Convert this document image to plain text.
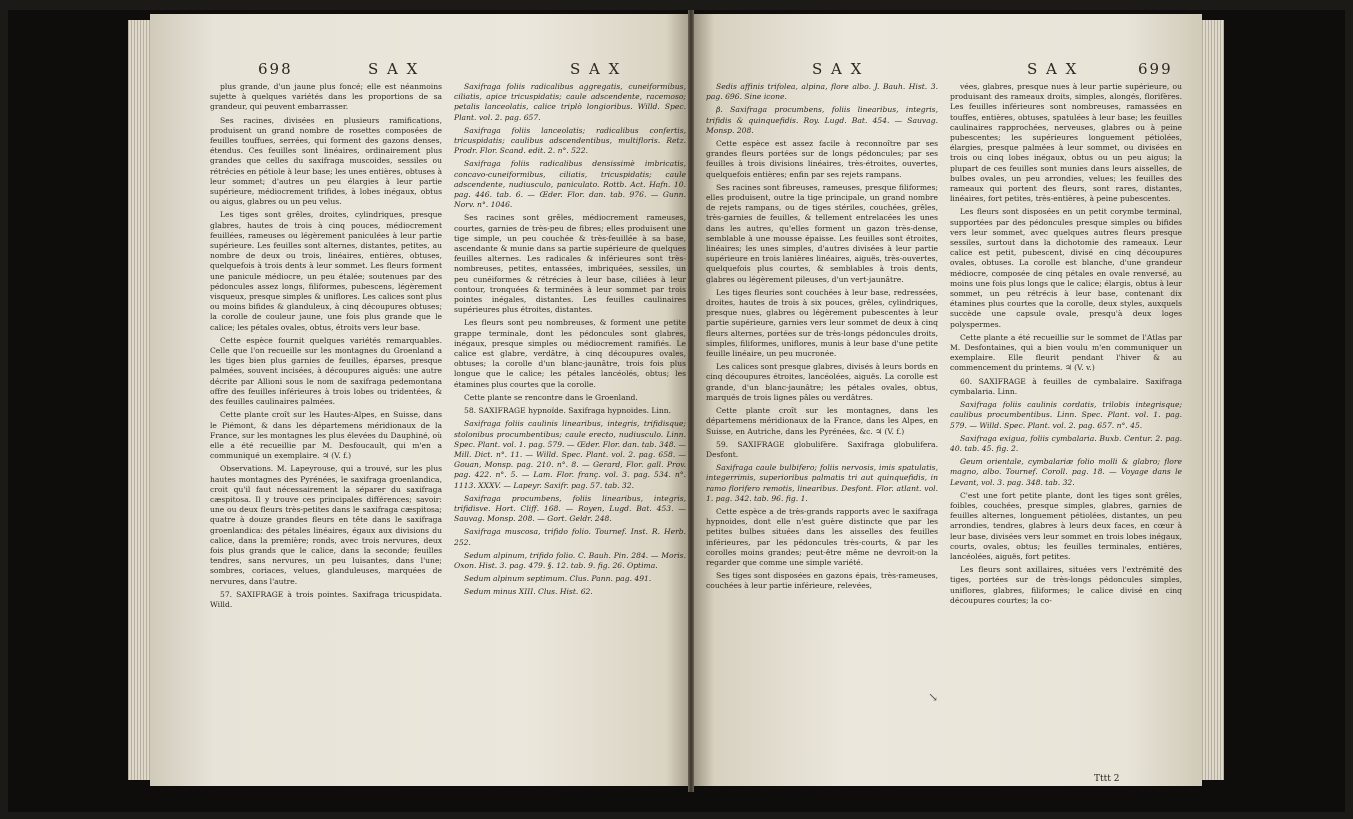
698	S A X	S A X

plus grande, d'un jaune plus foncé; elle est néanmoins sujette à quelques variétés dans les proportions de sa grandeur, qui peuvent embarrasser.

Ses racines, divisées en plusieurs ramifications, produisent un grand nombre de rosettes composées de feuilles touffues, serrées, qui forment des gazons denses, étendus. Ces feuilles sont linéaires, ordinairement plus grandes que celles du saxifraga muscoides, sessiles ou rétrécies en pétiole à leur base; les unes entières, obtuses à leur sommet; d'autres un peu élargies à leur partie supérieure, médiocrement trifides, à lobes inégaux, obtus ou aigus, glabres ou un peu velus.

Les tiges sont grêles, droites, cylindriques, presque glabres, hautes de trois à cinq pouces, médiocrement feuillées, rameuses ou légèrement paniculées à leur partie supérieure. Les feuilles sont alternes, distantes, petites, au nombre de deux ou trois, linéaires, entières, obtuses, quelquefois à trois dents à leur sommet. Les fleurs forment une panicule médiocre, un peu étalée; soutenues par des pédoncules assez longs, filiformes, pubescens, légèrement visqueux, presque simples & uniflores. Les calices sont plus ou moins bifides & glanduleux, à cinq découpures obtuses; la corolle de couleur jaune, une fois plus grande que le calice; les pétales ovales, obtus, étroits vers leur base.

Cette espèce fournit quelques variétés remarquables. Celle que l'on recueille sur les montagnes du Groenland a les tiges bien plus garnies de feuilles, éparses, presque palmées, souvent incisées, à découpures aiguës: une autre décrite par Allioni sous le nom de saxifraga pedemontana offre des feuilles inférieures à trois lobes ou tridentées, & des feuilles caulinaires palmées.

Cette plante croît sur les Hautes-Alpes, en Suisse, dans le Piémont, & dans les départemens méridionaux de la France, sur les montagnes les plus élevées du Dauphiné, où elle a été recueillie par M. Desfoucault, qui m'en a communiqué un exemplaire. ♃ (V. f.)

Observations. M. Lapeyrouse, qui a trouvé, sur les plus hautes montagnes des Pyrénées, le saxifraga groenlandica, croit qu'il faut nécessairement la séparer du saxifraga cæspitosa. Il y trouve ces principales différences; savoir: une ou deux fleurs très-petites dans le saxifraga cæspitosa; quatre à douze grandes fleurs en tête dans le saxifraga groenlandica: des pétales linéaires, égaux aux divisions du calice, dans la première; ronds, avec trois nervures, deux fois plus grands que le calice, dans la seconde; feuilles tendres, sans nervures, un peu luisantes, dans l'une; sombres, coriaces, velues, glanduleuses, marquées de nervures, dans l'autre.

57. SAXIFRAGE à trois pointes. Saxifraga tricuspidata. Willd.

Saxifraga foliis radicalibus aggregatis, cuneiformibus, ciliatis, apice tricuspidatis; caule adscendente, racemoso; petalis lanceolatis, calice triplò longioribus. Willd. Spec. Plant. vol. 2. pag. 657.

Saxifraga foliis lanceolatis; radicalibus confertis, tricuspidatis; caulibus adscendentibus, multifloris. Retz. Prodr. Flor. Scand. edit. 2. n°. 522.

Saxifraga foliis radicalibus densissimè imbricatis, concavo-cuneiformibus, ciliatis, tricuspidatis; caule adscendente, nudiusculo, paniculato. Rottb. Act. Hafn. 10. pag. 446. tab. 6. — Œder. Flor. dan. tab. 976. — Gunn. Norv. n°. 1046.

Ses racines sont grêles, médiocrement rameuses, courtes, garnies de très-peu de fibres; elles produisent une tige simple, un peu couchée & très-feuillée à sa base, ascendante & munie dans sa partie supérieure de quelques feuilles alternes. Les radicales & inférieures sont très-nombreuses, petites, entassées, imbriquées, sessiles, un peu cunéiformes & rétrécies à leur base, ciliées à leur contour, tronquées & terminées à leur sommet par trois pointes inégales, distantes. Les feuilles caulinaires supérieures plus étroites, distantes.

Les fleurs sont peu nombreuses, & forment une petite grappe terminale, dont les pédoncules sont glabres, inégaux, presque simples ou médiocrement ramifiés. Le calice est glabre, verdâtre, à cinq découpures ovales, obtuses; la corolle d'un blanc-jaunâtre, trois fois plus longue que le calice; les pétales lancéolés, obtus; les étamines plus courtes que la corolle.

Cette plante se rencontre dans le Groenland.

58. SAXIFRAGE hypnoïde. Saxifraga hypnoides. Linn.

Saxifraga foliis caulinis linearibus, integris, trifidisque; stolonibus procumbentibus; caule erecto, nudiusculo. Linn. Spec. Plant. vol. 1. pag. 579. — Œder. Flor. dan. tab. 348. — Mill. Dict. n°. 11. — Willd. Spec. Plant. vol. 2. pag. 658. — Gouan, Monsp. pag. 210. n°. 8. — Gerard, Flor. gall. Prov. pag. 422. n°. 5. — Lam. Flor. franç. vol. 3. pag. 534. n°. 1113. XXXV. — Lapeyr. Saxifr. pag. 57. tab. 32.

Saxifraga procumbens, foliis linearibus, integris, trifidisve. Hort. Cliff. 168. — Royen, Lugd. Bat. 453. — Sauvag. Monsp. 208. — Gort. Geldr. 248.

Saxifraga muscosa, trifido folio. Tournef. Inst. R. Herb. 252.

Sedum alpinum, trifido folio. C. Bauh. Pin. 284. — Moris. Oxon. Hist. 3. pag. 479. §. 12. tab. 9. fig. 26. Optima.

Sedum alpinum septimum. Clus. Pann. pag. 491.

Sedum minus XIII. Clus. Hist. 62.

S A X	S A X	699

Sedis affinis trifolea, alpina, flore albo. J. Bauh. Hist. 3. pag. 696. Sine icone.

β. Saxifraga procumbens, foliis linearibus, integris, trifidis & quinquefidis. Roy. Lugd. Bat. 454. — Sauvag. Monsp. 208.

Cette espèce est assez facile à reconnoître par ses grandes fleurs portées sur de longs pédoncules; par ses feuilles à trois divisions linéaires, très-étroites, ouvertes, quelquefois entières; enfin par ses rejets rampans.

Ses racines sont fibreuses, rameuses, presque filiformes; elles produisent, outre la tige principale, un grand nombre de rejets rampans, ou de tiges stériles, couchées, grêles, très-garnies de feuilles, & tellement entrelacées les unes dans les autres, qu'elles forment un gazon très-dense, semblable à une mousse épaisse. Les feuilles sont étroites, linéaires; les unes simples, d'autres divisées à leur partie supérieure en trois lanières linéaires, aiguës, très-ouvertes, quelquefois plus courtes, & semblables à trois dents, glabres ou légèrement pileuses, d'un vert-jaunâtre.

Les tiges fleuries sont couchées à leur base, redressées, droites, hautes de trois à six pouces, grêles, cylindriques, presque nues, glabres ou légèrement pubescentes à leur partie supérieure, garnies vers leur sommet de deux à cinq fleurs alternes, portées sur de très-longs pédoncules droits, simples, filiformes, uniflores, munis à leur base d'une petite feuille linéaire, un peu mucronée.

Les calices sont presque glabres, divisés à leurs bords en cinq découpures étroites, lancéolées, aiguës. La corolle est grande, d'un blanc-jaunâtre; les pétales ovales, obtus, marqués de trois lignes pâles ou verdâtres.

Cette plante croît sur les montagnes, dans les départemens méridionaux de la France, dans les Alpes, en Suisse, en Autriche, dans les Pyrénées, &c. ♃ (V. f.)

59. SAXIFRAGE globulifère. Saxifraga globulifera. Desfont.

Saxifraga caule bulbifero; foliis nervosis, imis spatulatis, integerrimis, superioribus palmatis tri aut quinquefidis, in ramo florifero remotis, linearibus. Desfont. Flor. atlant. vol. 1. pag. 342. tab. 96. fig. 1.

Cette espèce a de très-grands rapports avec le saxifraga hypnoides, dont elle n'est guère distincte que par les petites bulbes situées dans les aisselles des feuilles inférieures, par les pédoncules très-courts, & par les corolles moins grandes; peut-être même ne devroit-on la regarder que comme une simple variété.

Ses tiges sont disposées en gazons épais, très-rameuses, couchées à leur partie inférieure, relevées,

vées, glabres, presque nues à leur partie supérieure, ou produisant des rameaux droits, simples, alongés, florifères. Les feuilles inférieures sont nombreuses, ramassées en touffes, entières, obtuses, spatulées à leur base; les feuilles caulinaires rapprochées, nerveuses, glabres ou à peine pubescentes; les supérieures longuement pétiolées, élargies, presque palmées à leur sommet, ou divisées en trois ou cinq lobes inégaux, obtus ou un peu aigus; la plupart de ces feuilles sont munies dans leurs aisselles, de bulbes ovales, un peu arrondies, velues; les feuilles des rameaux qui portent des fleurs, sont rares, distantes, linéaires, fort petites, très-entières, à peine pubescentes.

Les fleurs sont disposées en un petit corymbe terminal, supportées par des pédoncules presque simples ou bifides vers leur sommet, avec quelques autres fleurs presque sessiles, surtout dans la dichotomie des rameaux. Leur calice est petit, pubescent, divisé en cinq découpures ovales, obtuses. La corolle est blanche, d'une grandeur médiocre, composée de cinq pétales en ovale renversé, au moins une fois plus longs que le calice; élargis, obtus à leur sommet, un peu rétrécis à leur base, contenant dix étamines plus courtes que la corolle, deux styles, auxquels succède une capsule ovale, presqu'à deux loges polyspermes.

Cette plante a été recueillie sur le sommet de l'Atlas par M. Desfontaines, qui a bien voulu m'en communiquer un exemplaire. Elle fleurit pendant l'hiver & au commencement du printems. ♃ (V. v.)

60. SAXIFRAGE à feuilles de cymbalaire. Saxifraga cymbalaria. Linn.

Saxifraga foliis caulinis cordatis, trilobis integrisque; caulibus procumbentibus. Linn. Spec. Plant. vol. 1. pag. 579. — Willd. Spec. Plant. vol. 2. pag. 657. n°. 45.

Saxifraga exigua, foliis cymbalaria. Buxb. Centur. 2. pag. 40. tab. 45. fig. 2.

Geum orientale, cymbalariæ folio molli & glabro; flore magno, albo. Tournef. Coroll. pag. 18. — Voyage dans le Levant, vol. 3. pag. 348. tab. 32.

C'est une fort petite plante, dont les tiges sont grêles, foibles, couchées, presque simples, glabres, garnies de feuilles alternes, longuement pétiolées, distantes, un peu arrondies, tendres, glabres à leurs deux faces, en cœur à leur base, divisées vers leur sommet en trois lobes inégaux, courts, ovales, obtus; les feuilles terminales, entières, lancéolées, aiguës, fort petites.

Les fleurs sont axillaires, situées vers l'extrémité des tiges, portées sur de très-longs pédoncules simples, uniflores, glabres, filiformes; le calice divisé en cinq découpures courtes; la co-

Tttt 2
↘
